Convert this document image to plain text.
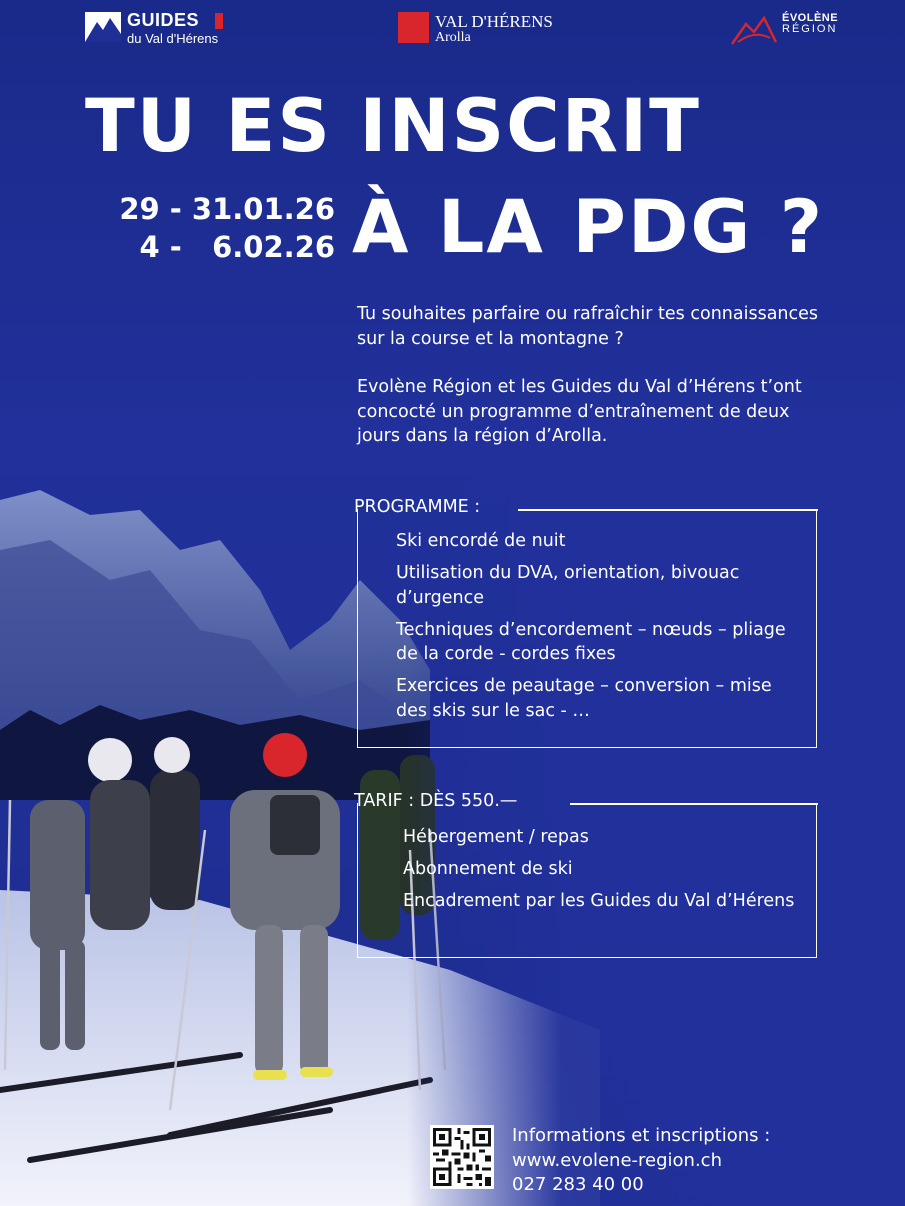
GUIDES
du Val d'Hérens
VAL D'HÉRENS
Arolla
ÉVOLÈNE
RÉGION
TU ES INSCRIT
29 - 31.01.26
4 -   6.02.26 À LA PDG ?

Tu souhaites parfaire ou rafraîchir tes connaissances sur la course et la montagne ?

Evolène Région et les Guides du Val d’Hérens t’ont concocté un programme d’entraînement de deux jours dans la région d’Arolla.

PROGRAMME :
Ski encordé de nuit
Utilisation du DVA, orientation, bivouac d’urgence
Techniques d’encordement – nœuds – pliage de la corde - cordes fixes
Exercices de peautage – conversion – mise des skis sur le sac - …
TARIF : DÈS 550.—
Hébergement / repas
Abonnement de ski
Encadrement par les Guides du Val d’Hérens
Informations et inscriptions :
www.evolene-region.ch
027 283 40 00
